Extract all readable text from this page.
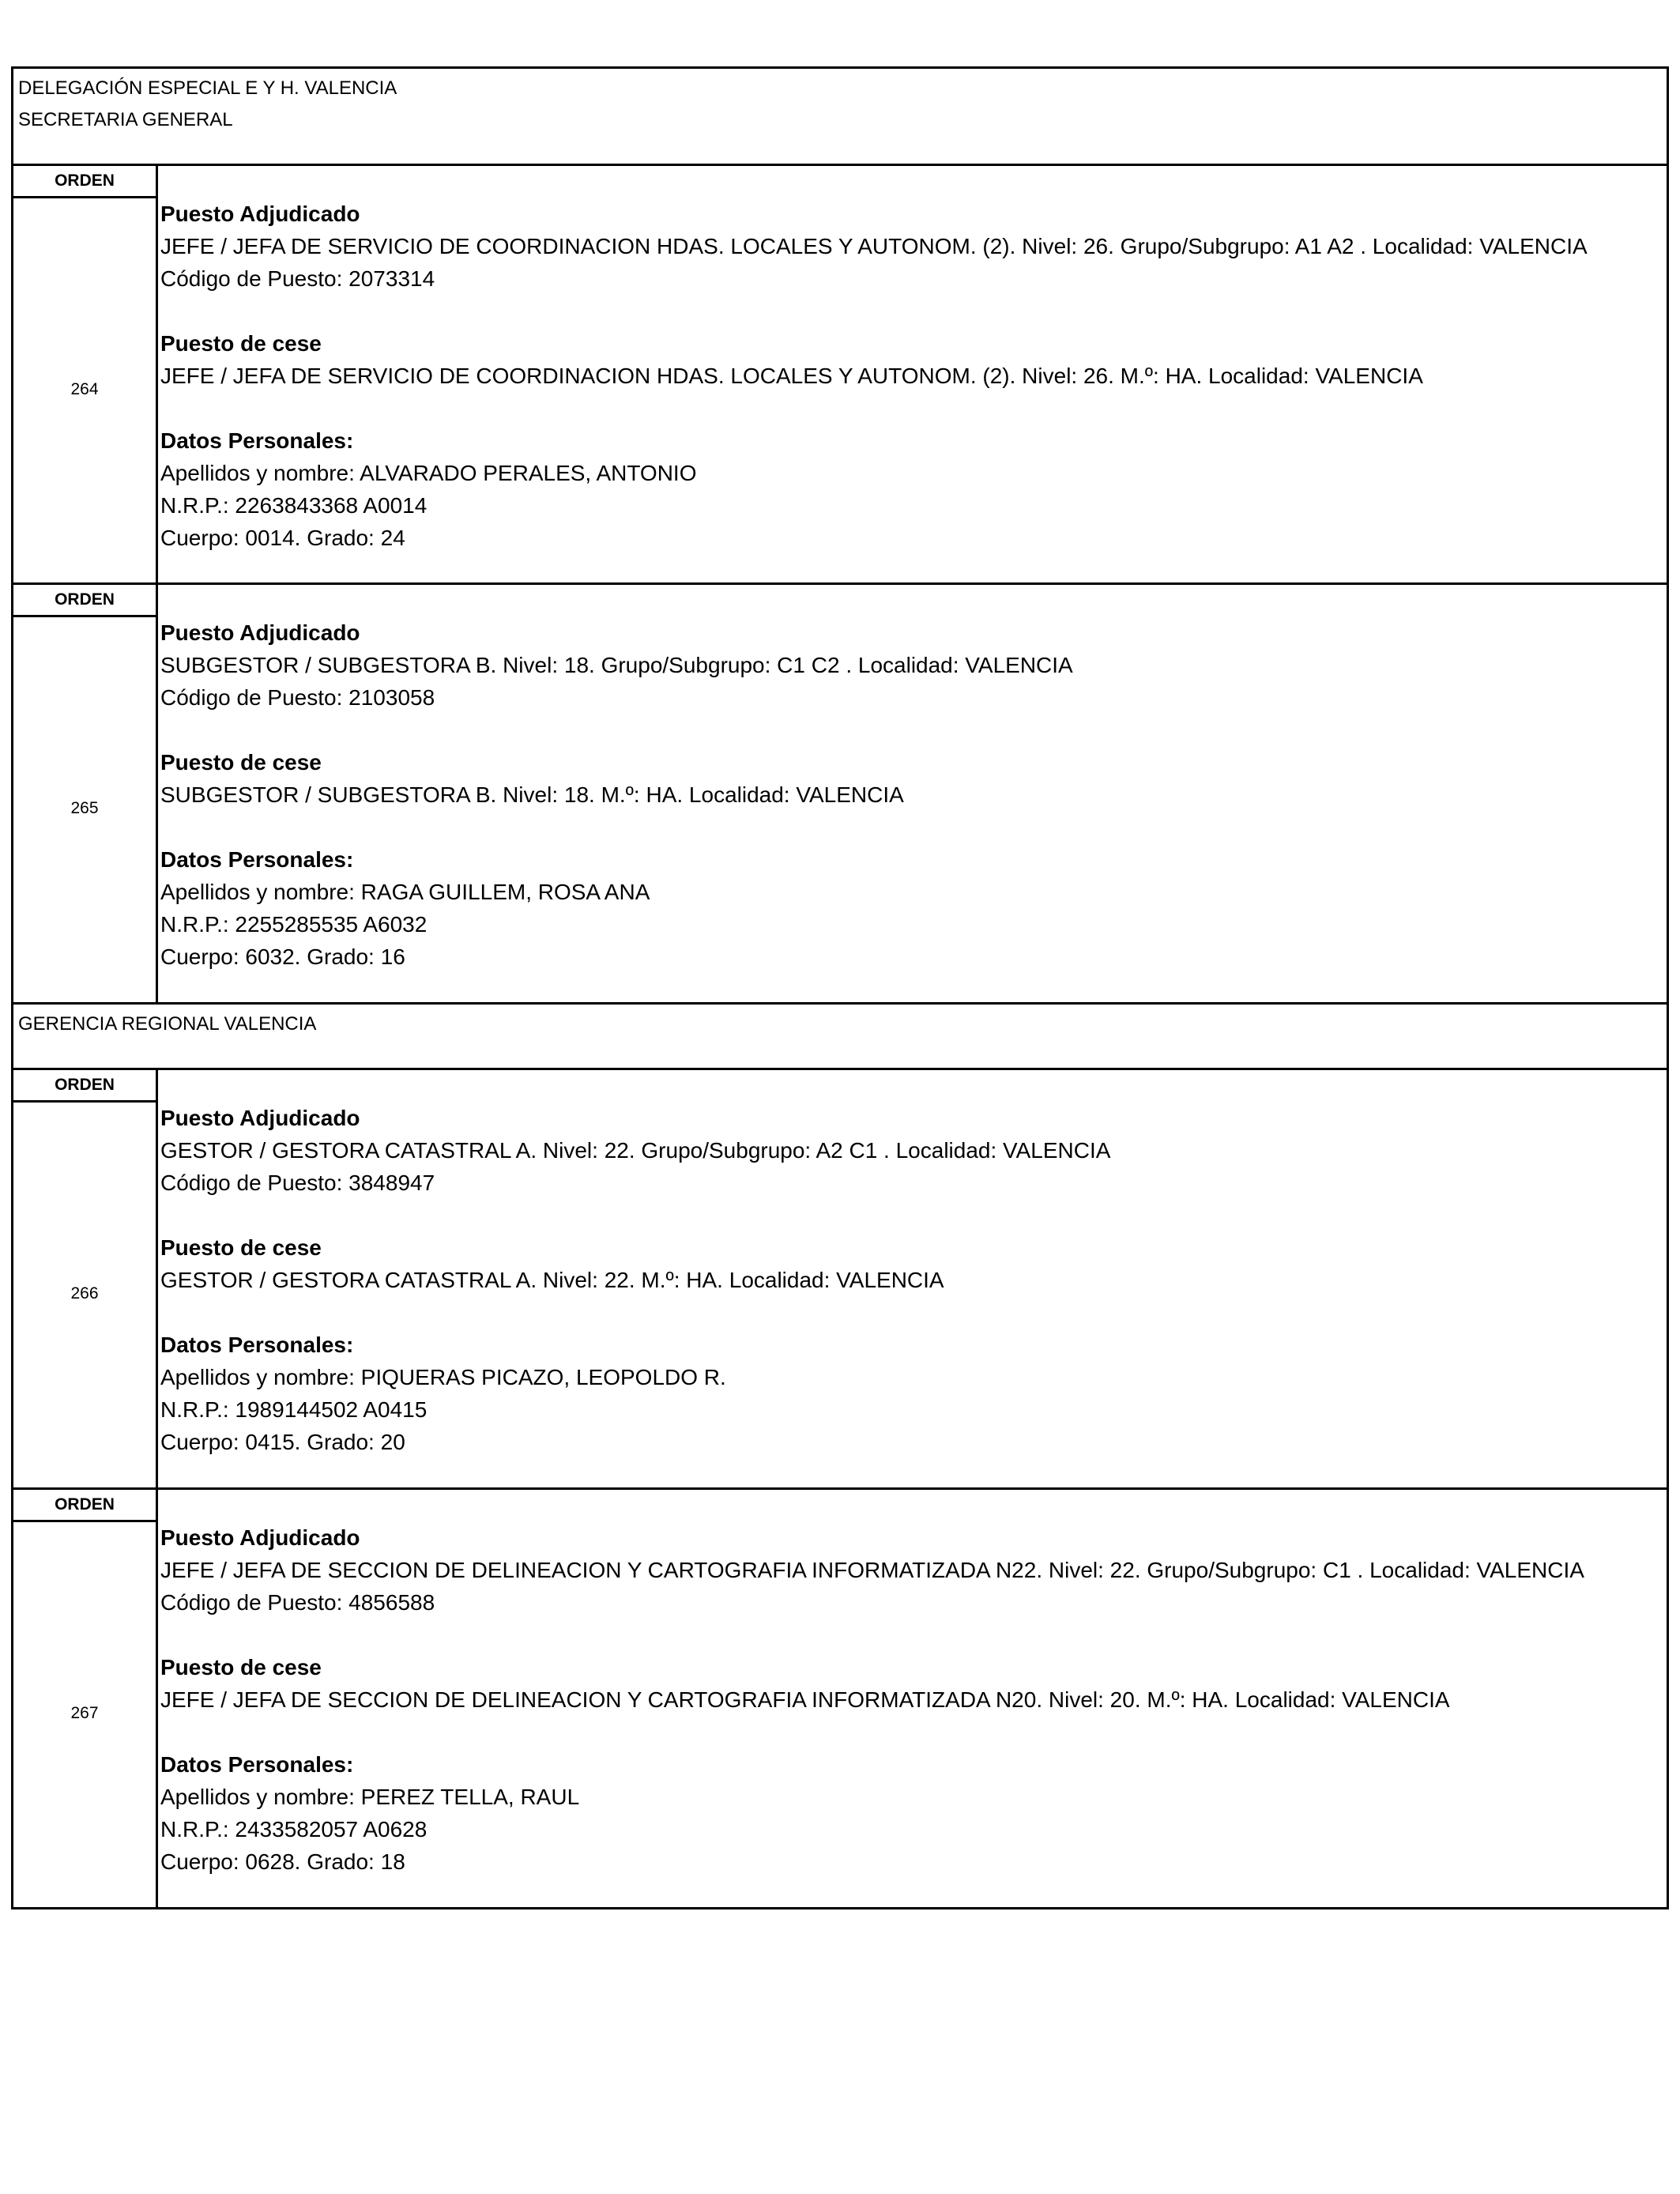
DELEGACIÓN ESPECIAL E Y H. VALENCIA
SECRETARIA GENERAL
ORDEN
264
Puesto Adjudicado
JEFE / JEFA DE SERVICIO DE COORDINACION HDAS. LOCALES Y AUTONOM. (2). Nivel: 26. Grupo/Subgrupo: A1 A2 . Localidad: VALENCIA
Código de Puesto: 2073314
Puesto de cese
JEFE / JEFA DE SERVICIO DE COORDINACION HDAS. LOCALES Y AUTONOM. (2). Nivel: 26. M.º: HA. Localidad: VALENCIA
Datos Personales:
Apellidos y nombre: ALVARADO PERALES, ANTONIO
N.R.P.: 2263843368 A0014
Cuerpo: 0014. Grado: 24
ORDEN
265
Puesto Adjudicado
SUBGESTOR / SUBGESTORA B. Nivel: 18. Grupo/Subgrupo: C1 C2 . Localidad: VALENCIA
Código de Puesto: 2103058
Puesto de cese
SUBGESTOR / SUBGESTORA B. Nivel: 18. M.º: HA. Localidad: VALENCIA
Datos Personales:
Apellidos y nombre: RAGA GUILLEM, ROSA ANA
N.R.P.: 2255285535 A6032
Cuerpo: 6032. Grado: 16
GERENCIA REGIONAL VALENCIA
ORDEN
266
Puesto Adjudicado
GESTOR / GESTORA CATASTRAL A. Nivel: 22. Grupo/Subgrupo: A2 C1 . Localidad: VALENCIA
Código de Puesto: 3848947
Puesto de cese
GESTOR / GESTORA CATASTRAL A. Nivel: 22. M.º: HA. Localidad: VALENCIA
Datos Personales:
Apellidos y nombre: PIQUERAS PICAZO, LEOPOLDO R.
N.R.P.: 1989144502 A0415
Cuerpo: 0415. Grado: 20
ORDEN
267
Puesto Adjudicado
JEFE / JEFA DE SECCION DE DELINEACION Y CARTOGRAFIA INFORMATIZADA N22. Nivel: 22. Grupo/Subgrupo: C1 . Localidad: VALENCIA
Código de Puesto: 4856588
Puesto de cese
JEFE / JEFA DE SECCION DE DELINEACION Y CARTOGRAFIA INFORMATIZADA N20. Nivel: 20. M.º: HA. Localidad: VALENCIA
Datos Personales:
Apellidos y nombre: PEREZ TELLA, RAUL
N.R.P.: 2433582057 A0628
Cuerpo: 0628. Grado: 18
